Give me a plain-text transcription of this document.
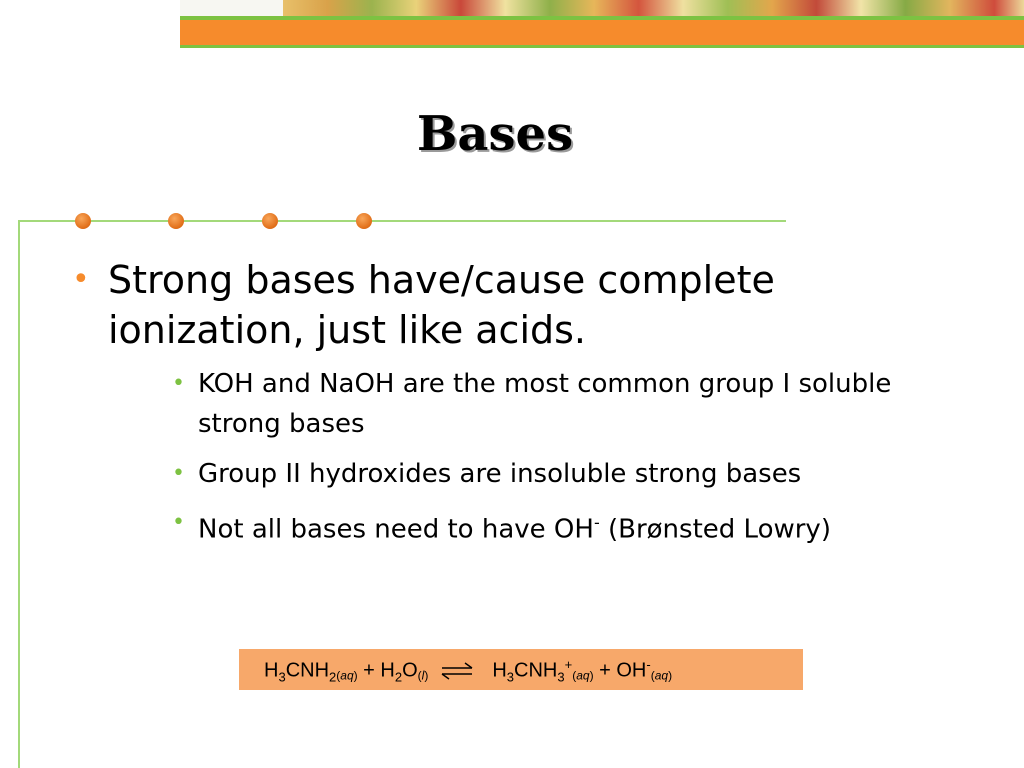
Bases
• Strong bases have/cause complete ionization, just like acids.
• KOH and NaOH are the most common group I soluble strong bases
• Group II hydroxides are insoluble strong bases
• Not all bases need to have OH- (Brønsted Lowry)
$H_3CNH_2(aq) + H_2O(l)$ ⇌ $H_3CNH_3^+(aq) + OH^-(aq)$
